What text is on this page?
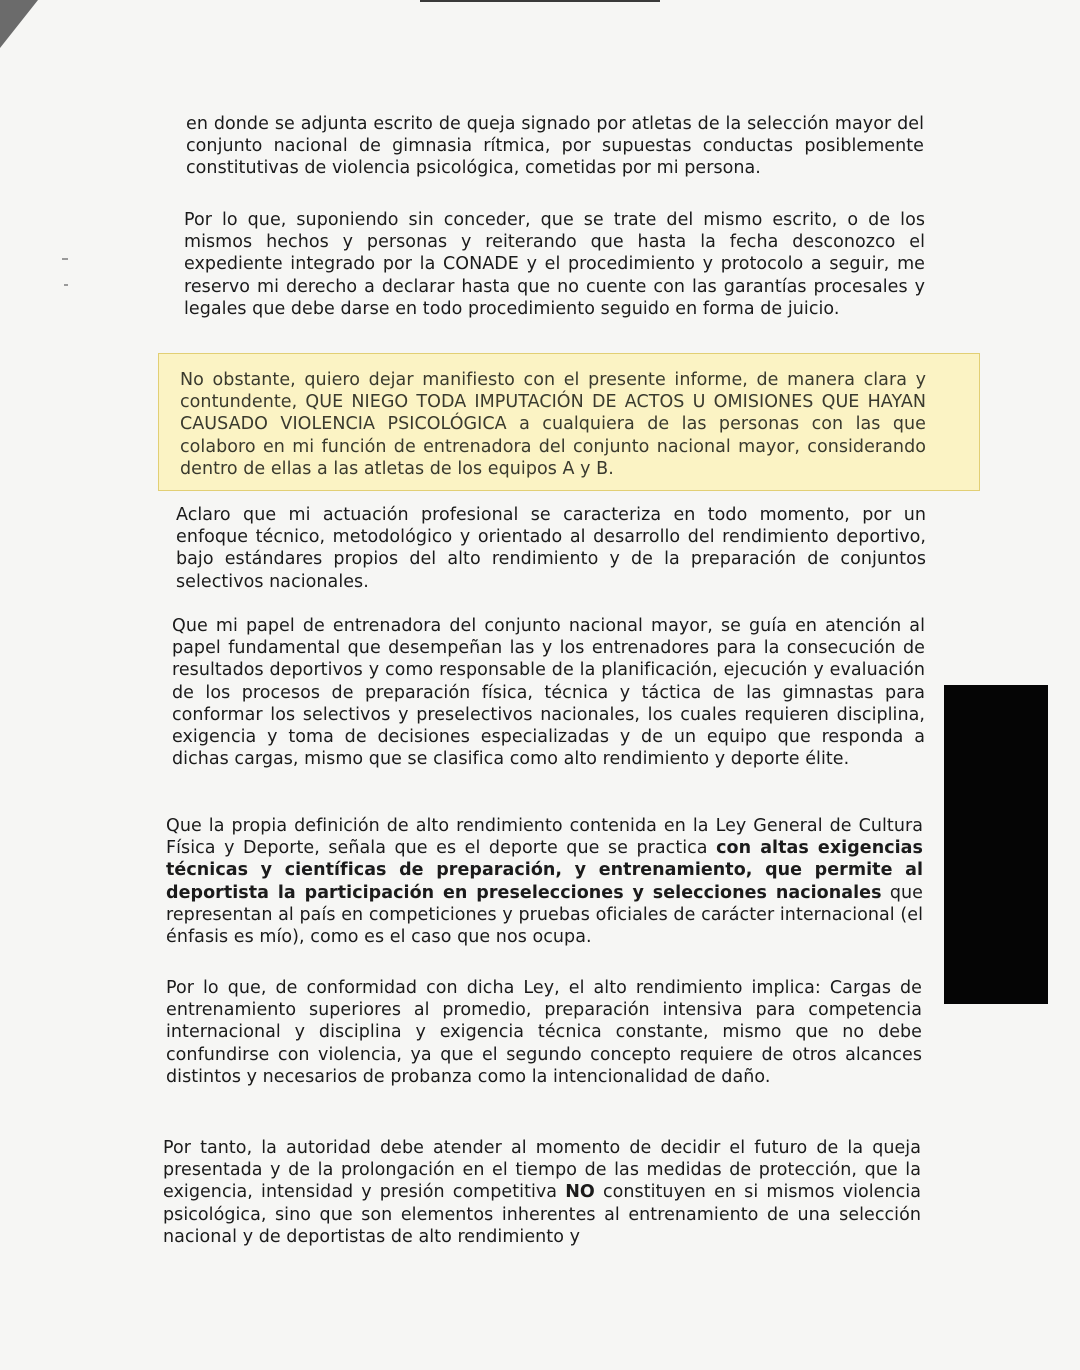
en donde se adjunta escrito de queja signado por atletas de la selección mayor del conjunto nacional de gimnasia rítmica, por supuestas conductas posiblemente constitutivas de violencia psicológica, cometidas por mi persona.

Por lo que, suponiendo sin conceder, que se trate del mismo escrito, o de los mismos hechos y personas y reiterando que hasta la fecha desconozco el expediente integrado por la CONADE y el procedimiento y protocolo a seguir, me reservo mi derecho a declarar hasta que no cuente con las garantías procesales y legales que debe darse en todo procedimiento seguido en forma de juicio.

No obstante, quiero dejar manifiesto con el presente informe, de manera clara y contundente, QUE NIEGO TODA IMPUTACIÓN DE ACTOS U OMISIONES QUE HAYAN CAUSADO VIOLENCIA PSICOLÓGICA a cualquiera de las personas con las que colaboro en mi función de entrenadora del conjunto nacional mayor, considerando dentro de ellas a las atletas de los equipos A y B.

Aclaro que mi actuación profesional se caracteriza en todo momento, por un enfoque técnico, metodológico y orientado al desarrollo del rendimiento deportivo, bajo estándares propios del alto rendimiento y de la preparación de conjuntos selectivos nacionales.

Que mi papel de entrenadora del conjunto nacional mayor, se guía en atención al papel fundamental que desempeñan las y los entrenadores para la consecución de resultados deportivos y como responsable de la planificación, ejecución y evaluación de los procesos de preparación física, técnica y táctica de las gimnastas para conformar los selectivos y preselectivos nacionales, los cuales requieren disciplina, exigencia y toma de decisiones especializadas y de un equipo que responda a dichas cargas, mismo que se clasifica como alto rendimiento y deporte élite.

Que la propia definición de alto rendimiento contenida en la Ley General de Cultura Física y Deporte, señala que es el deporte que se practica con altas exigencias técnicas y científicas de preparación, y entrenamiento, que permite al deportista la participación en preselecciones y selecciones nacionales que representan al país en competiciones y pruebas oficiales de carácter internacional (el énfasis es mío), como es el caso que nos ocupa.

Por lo que, de conformidad con dicha Ley, el alto rendimiento implica: Cargas de entrenamiento superiores al promedio, preparación intensiva para competencia internacional y disciplina y exigencia técnica constante, mismo que no debe confundirse con violencia, ya que el segundo concepto requiere de otros alcances distintos y necesarios de probanza como la intencionalidad de daño.

Por tanto, la autoridad debe atender al momento de decidir el futuro de la queja presentada y de la prolongación en el tiempo de las medidas de protección, que la exigencia, intensidad y presión competitiva NO constituyen en si mismos violencia psicológica, sino que son elementos inherentes al entrenamiento de una selección nacional y de deportistas de alto rendimiento y
